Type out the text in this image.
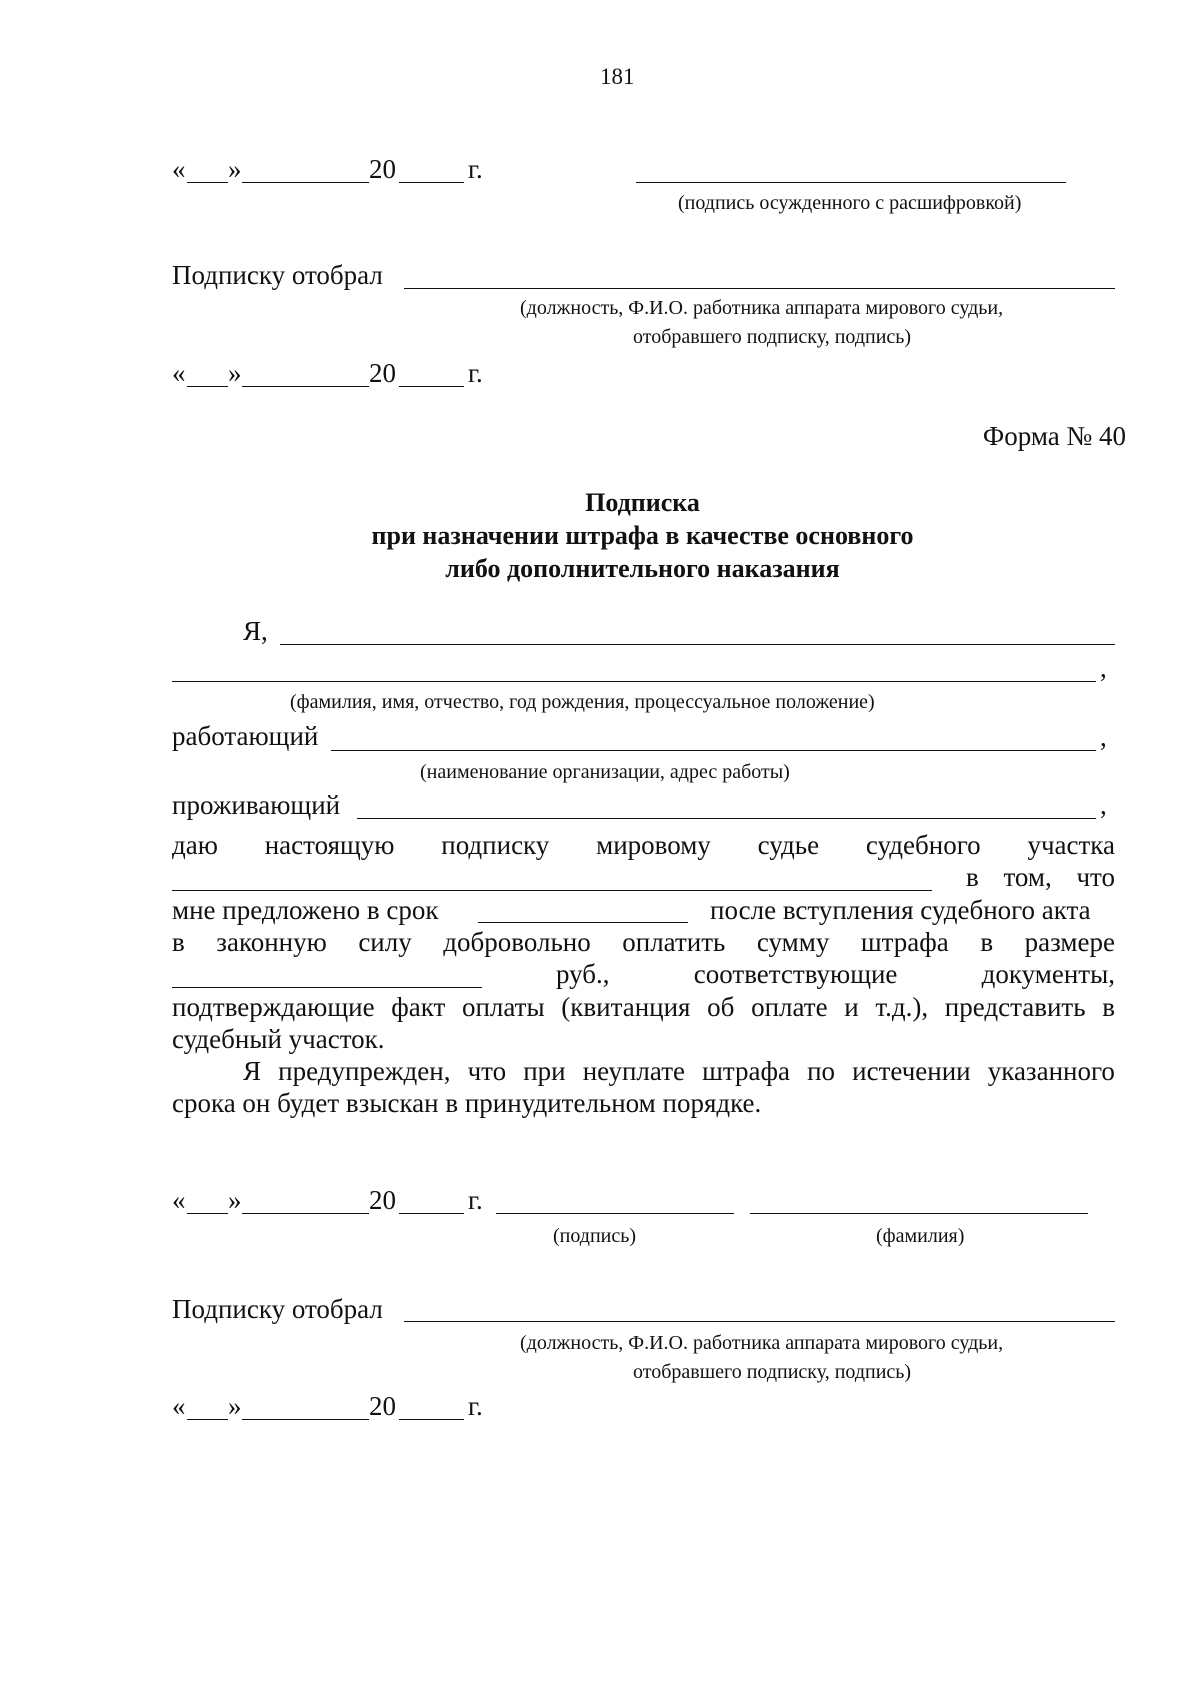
181
« »	20	г.
(подпись осужденного с расшифровкой)
Подписку отобрал
(должность, Ф.И.О. работника аппарата мирового судьи,
отобравшего подписку, подпись)
« »	20	г.
Форма № 40
Подписка
при назначении штрафа в качестве основного
либо дополнительного наказания
Я,
,
(фамилия, имя, отчество, год рождения, процессуальное положение)
работающий	,
(наименование организации, адрес работы)
проживающий	,
даю настоящую подписку мировому судье судебного участка
в том, что
мне предложено в срок	после вступления судебного акта
в законную силу добровольно оплатить сумму штрафа в размере
руб.,	соответствующие	документы,
подтверждающие факт оплаты (квитанция об оплате и т.д.), представить в
судебный участок.
Я предупрежден, что при неуплате штрафа по истечении указанного
срока он будет взыскан в принудительном порядке.
« »	20	г.
(подпись)	(фамилия)
Подписку отобрал
(должность, Ф.И.О. работника аппарата мирового судьи,
отобравшего подписку, подпись)
« »	20	г.
